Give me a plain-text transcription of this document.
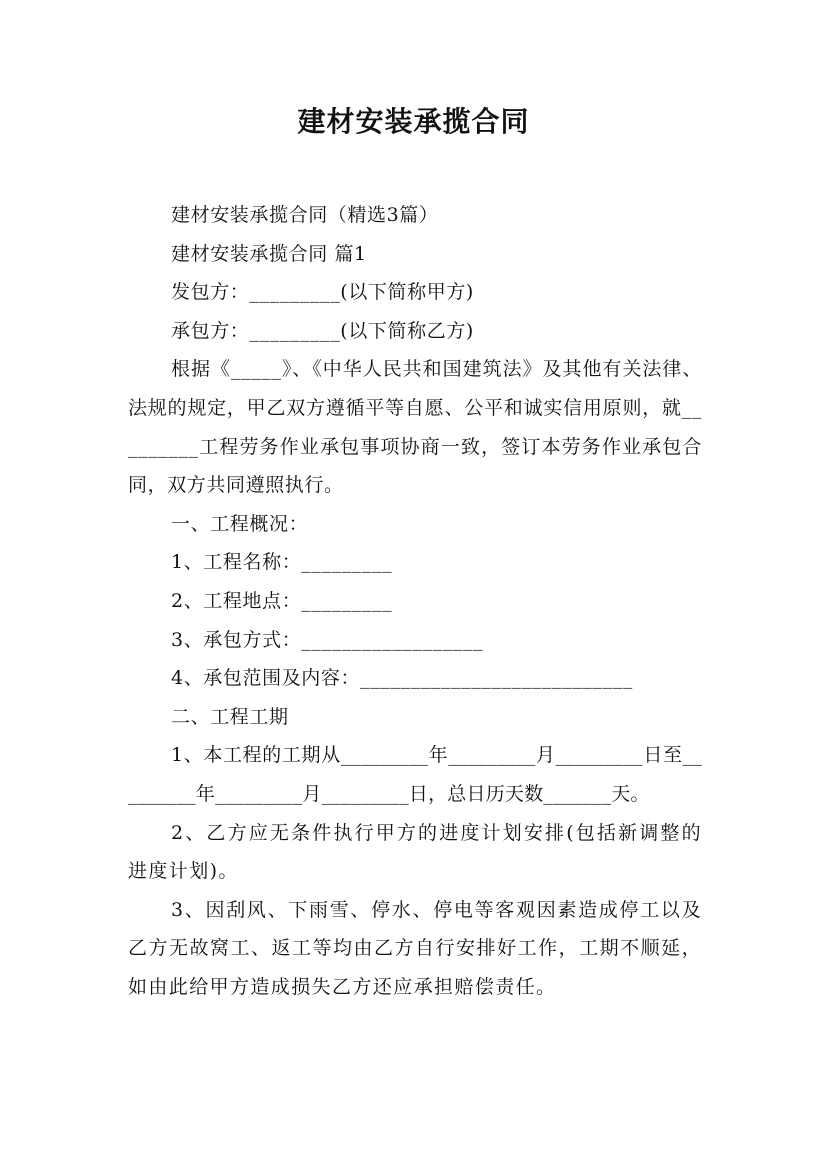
建材安装承揽合同

建材安装承揽合同（精选3篇）

建材安装承揽合同 篇1

发包方：_________(以下简称甲方)

承包方：_________(以下简称乙方)

根据《_____》、《中华人民共和国建筑法》及其他有关法律、法规的规定，甲乙双方遵循平等自愿、公平和诚实信用原则，就_________工程劳务作业承包事项协商一致，签订本劳务作业承包合同，双方共同遵照执行。

一、工程概况：

1、工程名称：_________

2、工程地点：_________

3、承包方式：__________________

4、承包范围及内容：___________________________

二、工程工期

1、本工程的工期从_________年_________月_________日至_________年_________月_________日，总日历天数_______天。

2、乙方应无条件执行甲方的进度计划安排(包括新调整的进度计划)。

3、因刮风、下雨雪、停水、停电等客观因素造成停工以及乙方无故窝工、返工等均由乙方自行安排好工作，工期不顺延，如由此给甲方造成损失乙方还应承担赔偿责任。
